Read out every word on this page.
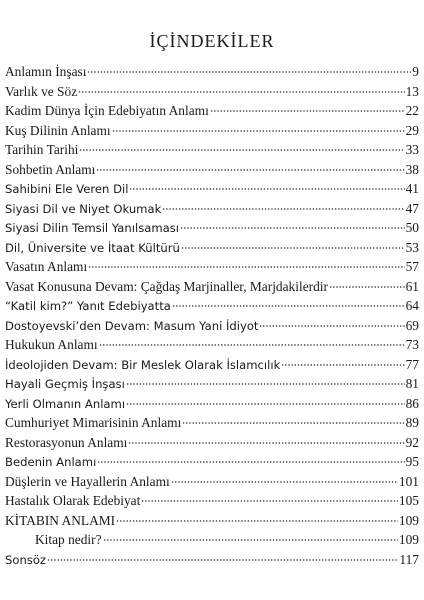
İÇİNDEKİLER
Anlamın İnşası	9
Varlık ve Söz	13
Kadim Dünya İçin Edebiyatın Anlamı	22
Kuş Dilinin Anlamı	29
Tarihin Tarihi	33
Sohbetin Anlamı	38
Sahibini Ele Veren Dil	41
Siyasi Dil ve Niyet Okumak	47
Siyasi Dilin Temsil Yanılsaması	50
Dil, Üniversite ve İtaat Kültürü	53
Vasatın Anlamı	57
Vasat Konusuna Devam: Çağdaş Marjinaller, Marjdakilerdir	61
“Katil kim?” Yanıt Edebiyatta	64
Dostoyevski’den Devam: Masum Yani İdiyot	69
Hukukun Anlamı	73
İdeolojiden Devam: Bir Meslek Olarak İslamcılık	77
Hayali Geçmiş İnşası	81
Yerli Olmanın Anlamı	86
Cumhuriyet Mimarisinin Anlamı	89
Restorasyonun Anlamı	92
Bedenin Anlamı	95
Düşlerin ve Hayallerin Anlamı	101
Hastalık Olarak Edebiyat	105
KİTABIN ANLAMI	109
Kitap nedir?	109
Sonsöz	117
